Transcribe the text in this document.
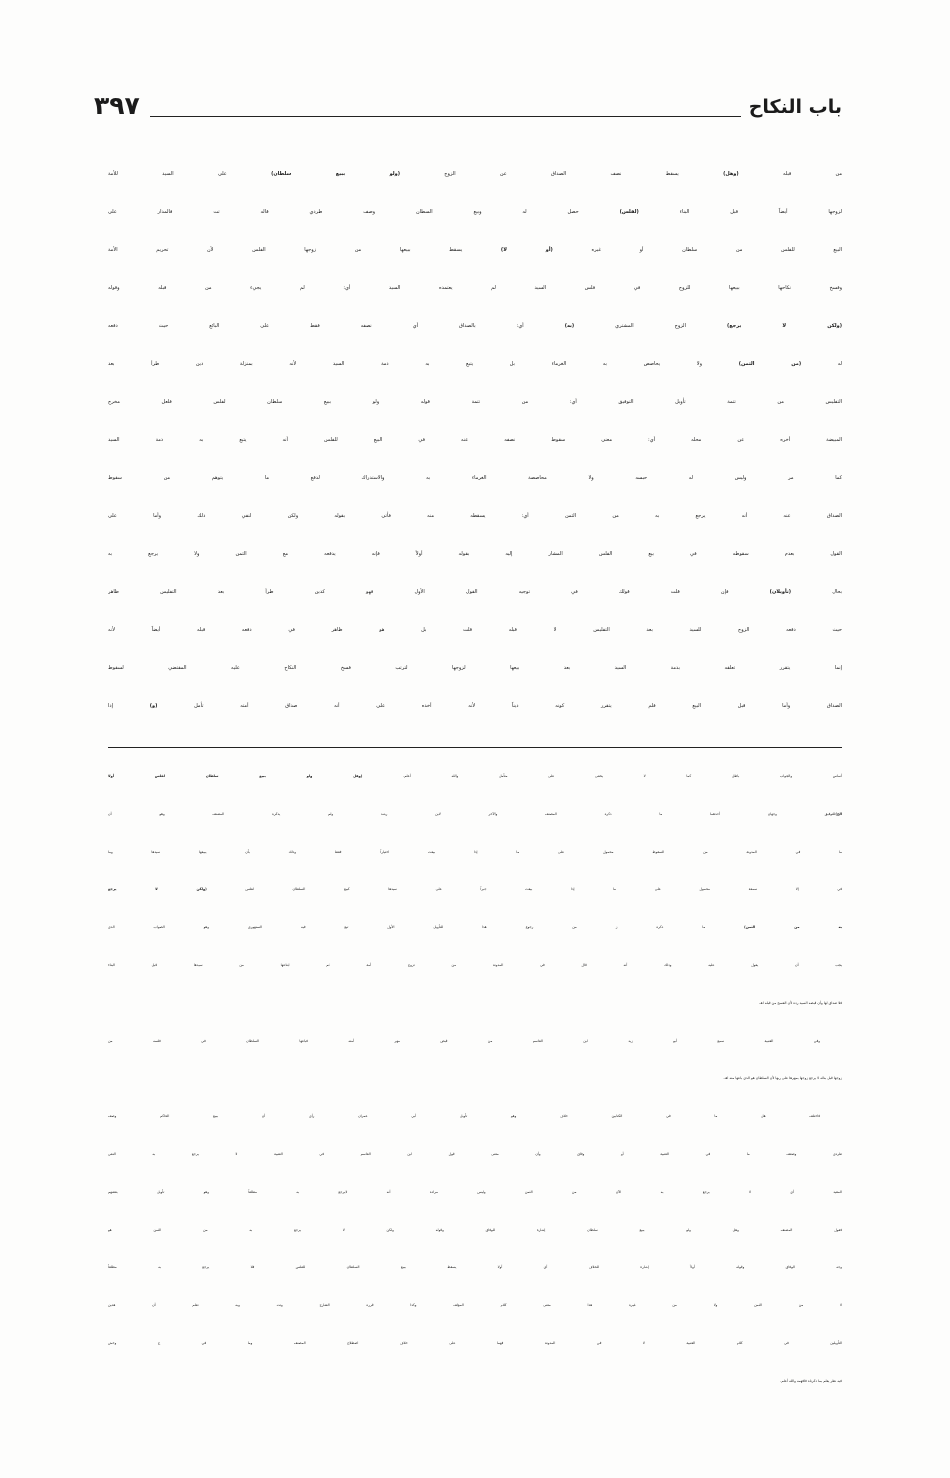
باب النكاح
٣٩٧
من قبله (وهل) يسقط نصف الصداق عن الزوج (ولو ببيع سلطان) على السيد للأمة
لزوجها أيضاً قبل البناء (لفلس) حصل له وبيع السطان وصف طردي قاله تت فالمدار على
البيع للفلس من سلطان أو غيره (أو لا) يسقط ببيعها من زوجها الفلس لأن تحريم الأمة
وفسخ نكاحها ببيعها للزوج في فلس السيد لم يعتمده السيد أي: لم يجيء من قبله وقوله
(ولكن لا يرجع) الزوج المشتري (به) أي: بالصداق أي نصفه فقط على البائع حيث دفعه
له (من الثمن) ولا يحاصص به الغرماء بل يتبع به ذمة السيد لأنه بمنزلة دين طرأ بعد
التفليس من تتمة تأويل التوفيق أي: من تتمة قوله ولو ببيع سلطان لفلس فلعل مخرج
المبيضة أخره عن محله أي: معنى سقوط نصفه عنه في البيع للفلس أنه يتبع به ذمة السيد
كما مر وليس له حبسه ولا محاصصة الغرماء به والاستدراك لدفع ما يتوهم من سقوط
الصداق عنه أنه يرجع به من الثمن أي: يسقطه منه فأتى بقوله ولكن لنفي ذلك وأما على
القول بعدم سقوطه في بيع الفلس المشار إليه بقوله أولاً فإنه يدفعه مع الثمن ولا يرجع به
بحال (تأويلان) فإن قلت قولك في توجيه القول الأول فهو كدين طرأ بعد التفليس ظاهر
حيث دفعه الزوج للسيد بعد التفليس لا قبله قلت بل هو ظاهر في دفعه قبله أيضاً لأنه
إنما يتقرر تعلقه بذمة السيد بعد بيعها لزوجها لترتب فسخ النكاح عليه المقتضي لسقوط
الصداق وأما قبل البيع فلم يتقرر كونه ديناً لأنه أخذه على أنه صداق أمته تأمل (و) إذا
أساس والجواب باطل كما لا يخفى على متأمل والله أعلم. (وهل ولو ببيع سلطان لفلس أولا
الخ)للتوفيق وجهان أحدهما ما ذكره المصنف والآخر لابن رشد ولم يذكره المصنف وهو أن
ما في المدونة من السقوط محمول على ما إذا بيعت اختياراً فقط وذلك بأن يبيعها سيدها وما
في إلا سمعة محمول على ما إذا بيعت جبراً على سيدها كبيع السلطان لفلس (ولكن لا يرجع
به من الثمن) ما ذكره ز من رجوع هذا للتأويل الأول تبع فيه السنهوري وهو الصواب الذي
يجب أن يعول عليه وذلك أنه قال في المدونة من تزوج أمة ثم ابتاعها من سيدها قبل البناء
فلا صداق لها وأن قبضه السيد رده لأن الفسخ من قبله اهـ.
وفي العتبية سمع أبو زيد ابن القاسم من قبض مهر أمته فباعها السلطان في فلسه من
زوجها قبل بنائه لا يرجع زوجها بمهرها على ربها لأن السلطان هو الذي باعها منه اهـ.
فاختلف هل ما في الكتابين خلاف وهو تأويل أبي عمران رأي أن ببيع الحاكم وصف
طردي وضعف ما في العتبية أو وفاق وأن معنى قول ابن القاسم في العتبية لا يرجع به النفي
المقيد أي لا يرجع به الآن من الثمن وليس مراده أنه لايرجع به مطلقاً وهو تأويل بعضهم
فقول المصنف وهل ولو ببيع سلطان إشارة للوفاق وقوله ولكن لا يرجع به من الثمن هو
وجه الوفاق وقوله أولاً إشارة للخلاف أي أولا يسقط ببيع السلطان للفلس فلا يرجع به مطلقاً
لا من الثمن ولا من غيره هذا معنى كلام المؤلف وكذا قرره الشارح وتت وبه تعلم أن هذين
التأويلين في كلام العتبية لا في المدونة فهما على خلاف اصطلاح المصنف وما في ح وخش
فيه نظر يعلم بما ذكرناه فافهمه والله أعلم.
